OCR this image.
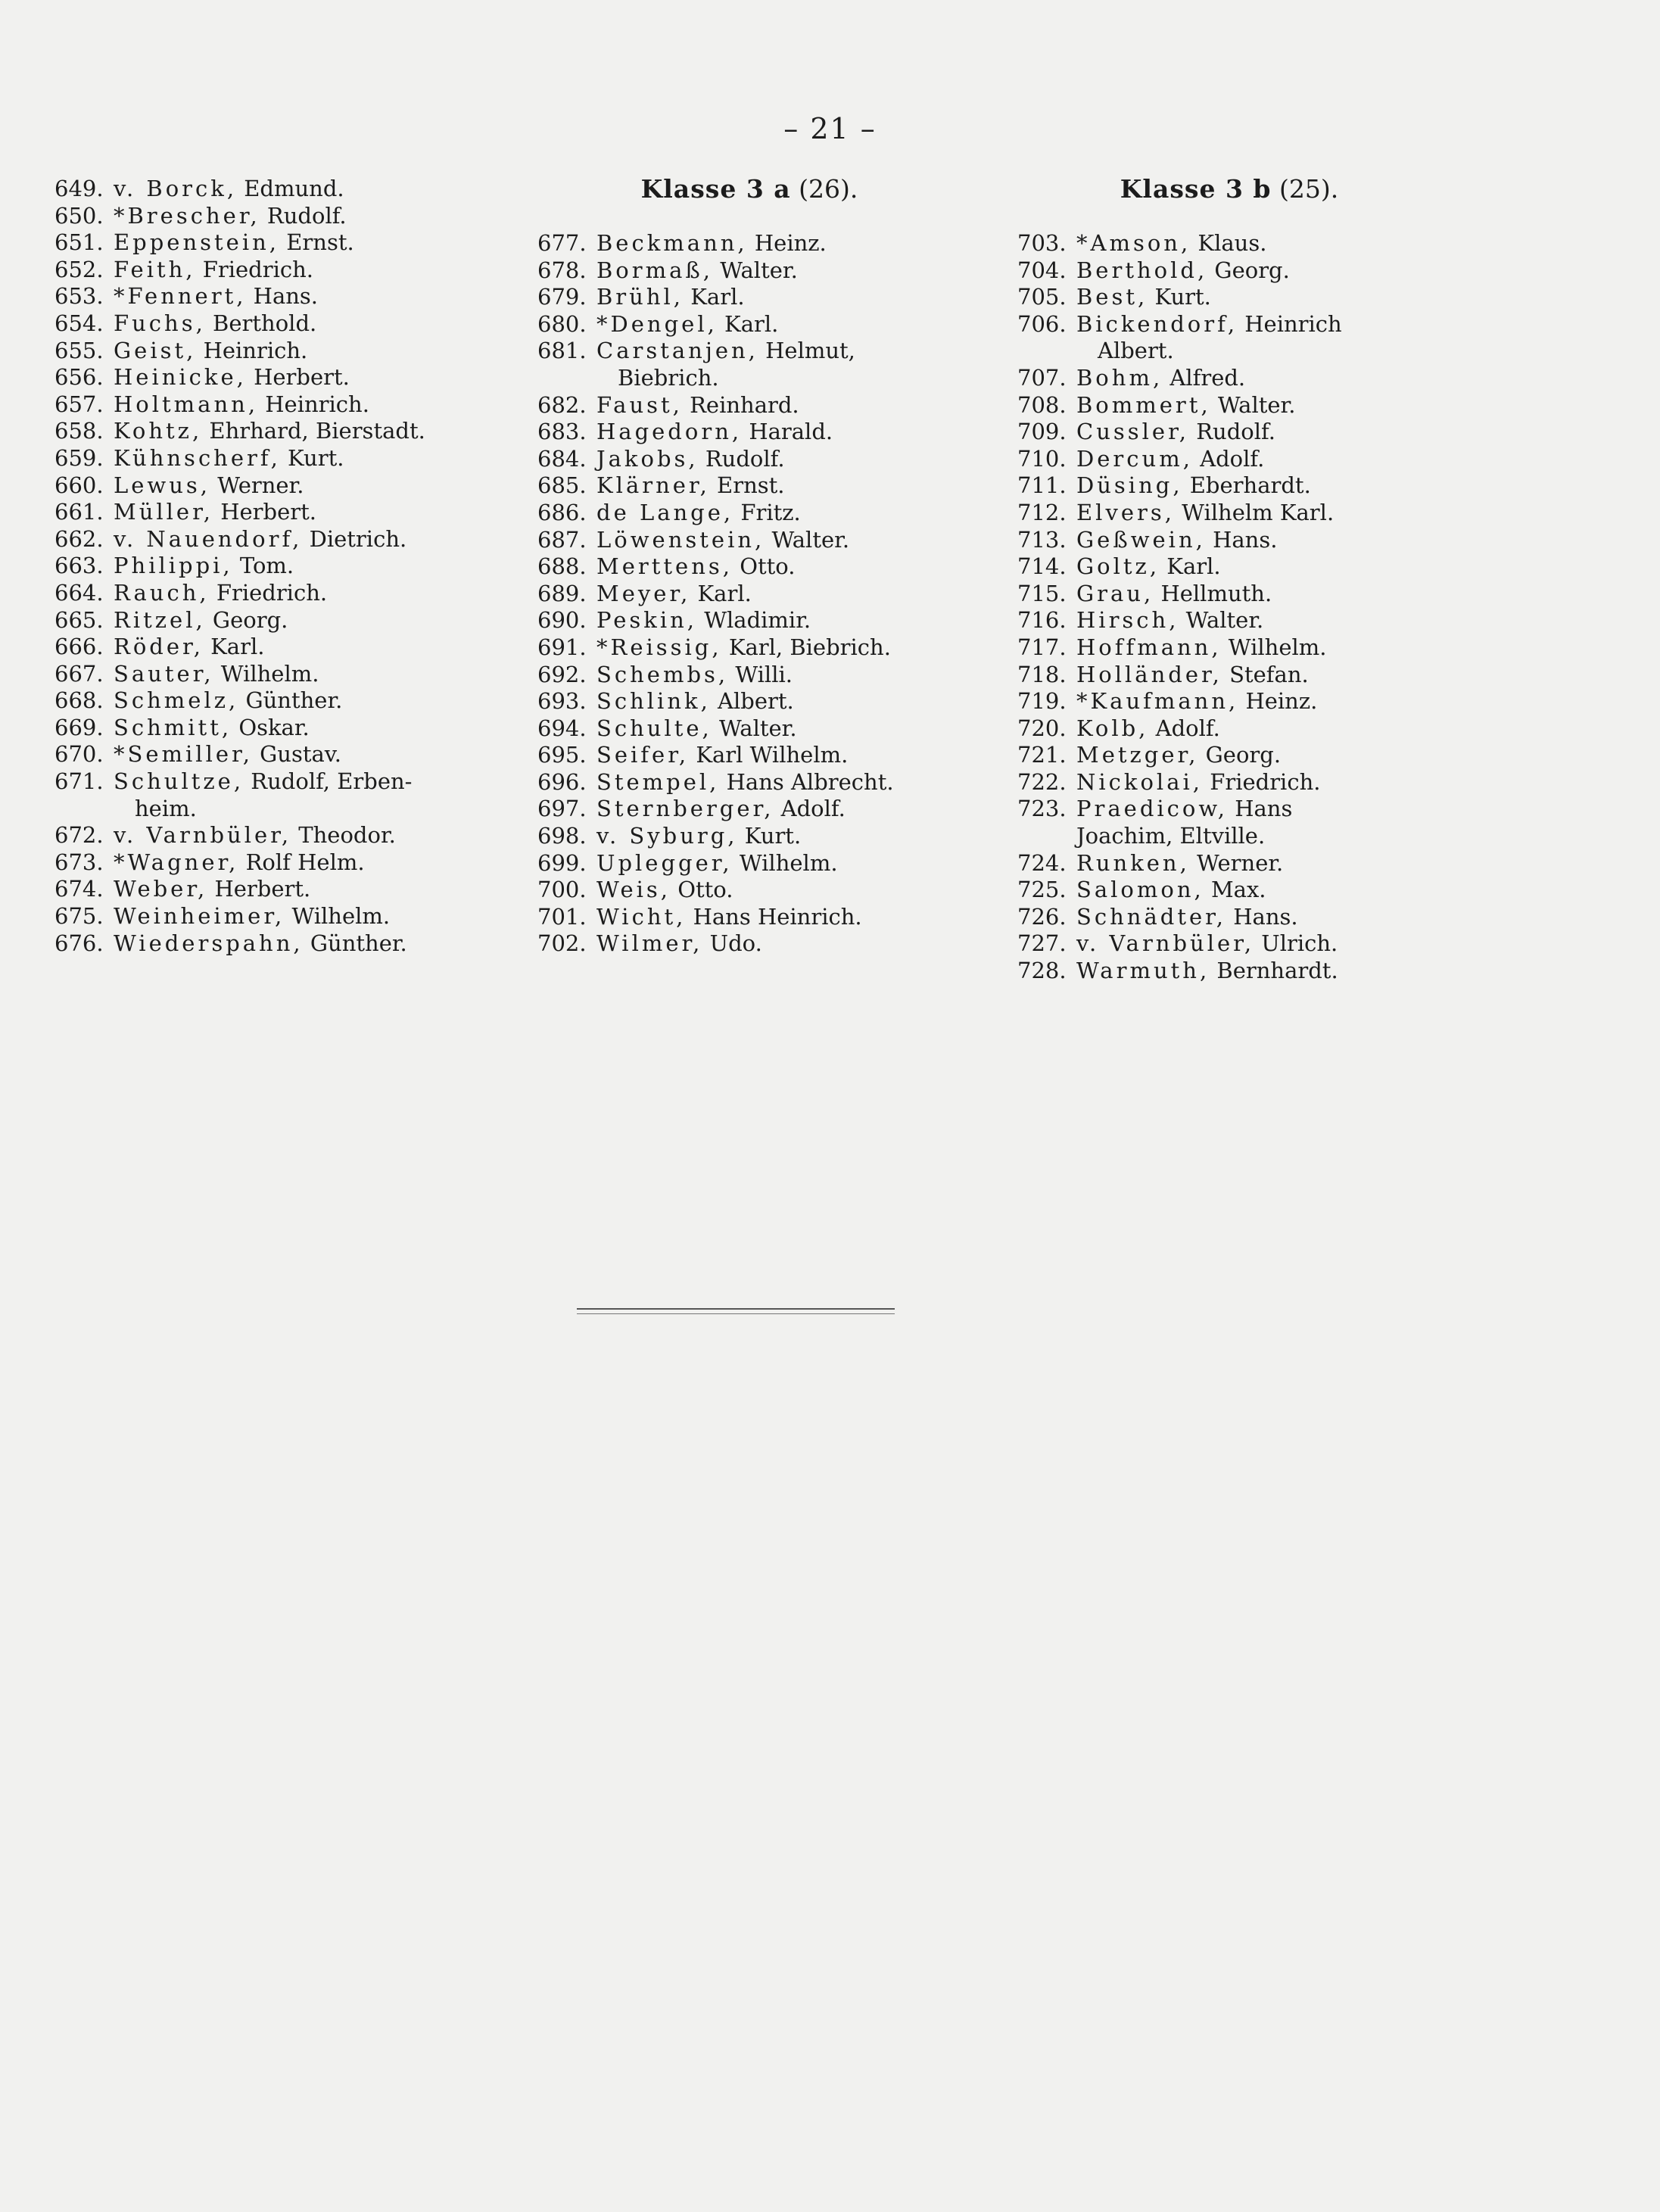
– 21 –
649. v. Borck, Edmund.
650. *Brescher, Rudolf.
651. Eppenstein, Ernst.
652. Feith, Friedrich.
653. *Fennert, Hans.
654. Fuchs, Berthold.
655. Geist, Heinrich.
656. Heinicke, Herbert.
657. Holtmann, Heinrich.
658. Kohtz, Ehrhard, Bierstadt.
659. Kühnscherf, Kurt.
660. Lewus, Werner.
661. Müller, Herbert.
662. v. Nauendorf, Dietrich.
663. Philippi, Tom.
664. Rauch, Friedrich.
665. Ritzel, Georg.
666. Röder, Karl.
667. Sauter, Wilhelm.
668. Schmelz, Günther.
669. Schmitt, Oskar.
670. *Semiller, Gustav.
671. Schultze, Rudolf, Erben-
heim.
672. v. Varnbüler, Theodor.
673. *Wagner, Rolf Helm.
674. Weber, Herbert.
675. Weinheimer, Wilhelm.
676. Wiederspahn, Günther.
Klasse 3 a (26).
677. Beckmann, Heinz.
678. Bormaß, Walter.
679. Brühl, Karl.
680. *Dengel, Karl.
681. Carstanjen, Helmut,
Biebrich.
682. Faust, Reinhard.
683. Hagedorn, Harald.
684. Jakobs, Rudolf.
685. Klärner, Ernst.
686. de Lange, Fritz.
687. Löwenstein, Walter.
688. Merttens, Otto.
689. Meyer, Karl.
690. Peskin, Wladimir.
691. *Reissig, Karl, Biebrich.
692. Schembs, Willi.
693. Schlink, Albert.
694. Schulte, Walter.
695. Seifer, Karl Wilhelm.
696. Stempel, Hans Albrecht.
697. Sternberger, Adolf.
698. v. Syburg, Kurt.
699. Uplegger, Wilhelm.
700. Weis, Otto.
701. Wicht, Hans Heinrich.
702. Wilmer, Udo.
Klasse 3 b (25).
703. *Amson, Klaus.
704. Berthold, Georg.
705. Best, Kurt.
706. Bickendorf, Heinrich
Albert.
707. Bohm, Alfred.
708. Bommert, Walter.
709. Cussler, Rudolf.
710. Dercum, Adolf.
711. Düsing, Eberhardt.
712. Elvers, Wilhelm Karl.
713. Geßwein, Hans.
714. Goltz, Karl.
715. Grau, Hellmuth.
716. Hirsch, Walter.
717. Hoffmann, Wilhelm.
718. Holländer, Stefan.
719. *Kaufmann, Heinz.
720. Kolb, Adolf.
721. Metzger, Georg.
722. Nickolai, Friedrich.
723. Praedicow, Hans
Joachim, Eltville.
724. Runken, Werner.
725. Salomon, Max.
726. Schnädter, Hans.
727. v. Varnbüler, Ulrich.
728. Warmuth, Bernhardt.
